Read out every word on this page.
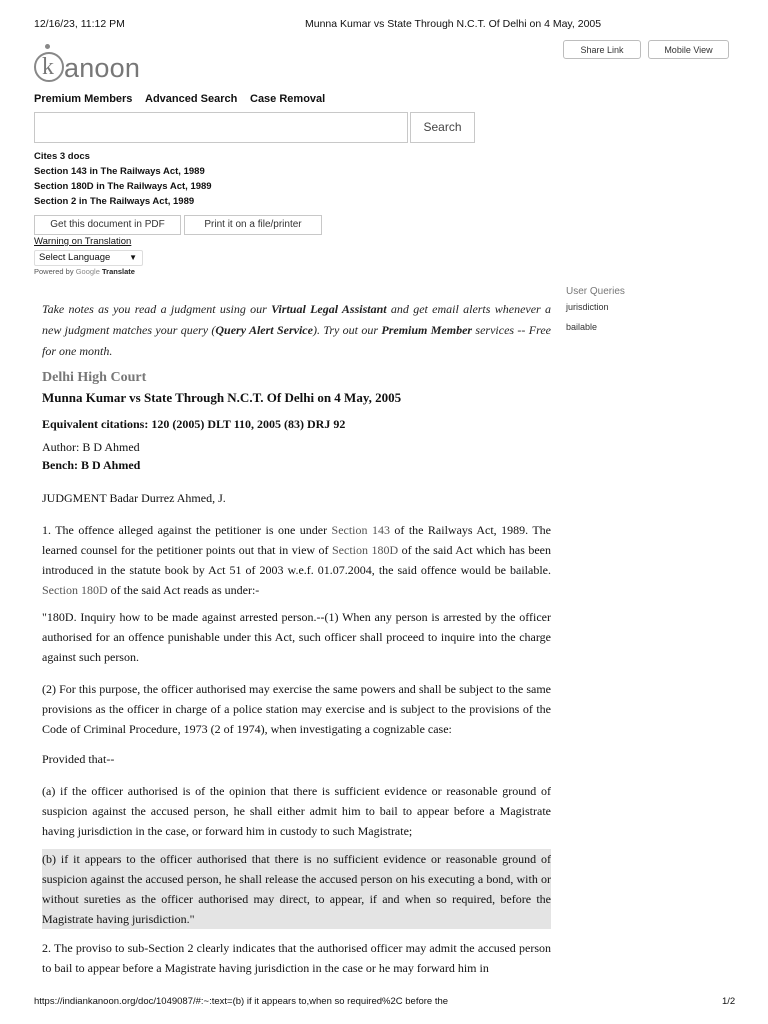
12/16/23, 11:12 PM	Munna Kumar vs State Through N.C.T. Of Delhi on 4 May, 2005
Share Link	Mobile View
k anoon
Premium Members Advanced Search Case Removal
Search
Cites 3 docs
Section 143 in The Railways Act, 1989
Section 180D in The Railways Act, 1989
Section 2 in The Railways Act, 1989
Get this document in PDF	Print it on a file/printer
Warning on Translation
Select Language ▼
Powered by Google Translate
User Queries
jurisdiction
bailable
Take notes as you read a judgment using our Virtual Legal Assistant and get email alerts whenever a new judgment matches your query (Query Alert Service). Try out our Premium Member services -- Free for one month.
Delhi High Court
Munna Kumar vs State Through N.C.T. Of Delhi on 4 May, 2005
Equivalent citations: 120 (2005) DLT 110, 2005 (83) DRJ 92
Author: B D Ahmed
Bench: B D Ahmed
JUDGMENT Badar Durrez Ahmed, J.
1. The offence alleged against the petitioner is one under Section 143 of the Railways Act, 1989. The learned counsel for the petitioner points out that in view of Section 180D of the said Act which has been introduced in the statute book by Act 51 of 2003 w.e.f. 01.07.2004, the said offence would be bailable. Section 180D of the said Act reads as under:-
"180D. Inquiry how to be made against arrested person.--(1) When any person is arrested by the officer authorised for an offence punishable under this Act, such officer shall proceed to inquire into the charge against such person.
(2) For this purpose, the officer authorised may exercise the same powers and shall be subject to the same provisions as the officer in charge of a police station may exercise and is subject to the provisions of the Code of Criminal Procedure, 1973 (2 of 1974), when investigating a cognizable case:
Provided that--
(a) if the officer authorised is of the opinion that there is sufficient evidence or reasonable ground of suspicion against the accused person, he shall either admit him to bail to appear before a Magistrate having jurisdiction in the case, or forward him in custody to such Magistrate;
(b) if it appears to the officer authorised that there is no sufficient evidence or reasonable ground of suspicion against the accused person, he shall release the accused person on his executing a bond, with or without sureties as the officer authorised may direct, to appear, if and when so required, before the Magistrate having jurisdiction."
2. The proviso to sub-Section 2 clearly indicates that the authorised officer may admit the accused person to bail to appear before a Magistrate having jurisdiction in the case or he may forward him in
https://indiankanoon.org/doc/1049087/#:~:text=(b) if it appears to,when so required%2C before the	1/2
